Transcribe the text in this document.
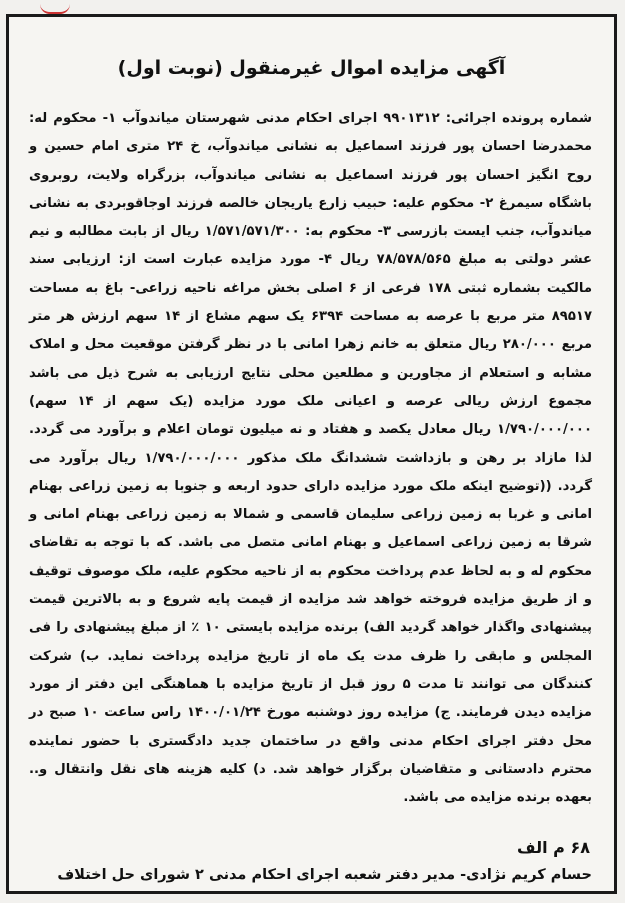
آگهی مزایده اموال غیرمنقول (نوبت اول)
شماره پرونده اجرائی: ۹۹۰۱۳۱۲ اجرای احکام مدنی شهرستان میاندوآب ۱- محکوم له: محمدرضا احسان پور فرزند اسماعیل به نشانی میاندوآب، خ ۲۴ متری امام حسین و روح انگیز احسان پور فرزند اسماعیل به نشانی میاندوآب، بزرگراه ولایت، روبروی باشگاه سیمرغ ۲- محکوم علیه: حبیب زارع یاریجان خالصه فرزند اوجاقوبردی به نشانی میاندوآب، جنب ایست بازرسی ۳- محکوم به: ۱/۵۷۱/۵۷۱/۳۰۰ ریال از بابت مطالبه و نیم عشر دولتی به مبلغ ۷۸/۵۷۸/۵۶۵ ریال ۴- مورد مزایده عبارت است از: ارزیابی سند مالکیت بشماره ثبتی ۱۷۸ فرعی از ۶ اصلی بخش مراغه ناحیه زراعی- باغ به مساحت ۸۹۵۱۷ متر مربع با عرصه به مساحت ۶۳۹۴ یک سهم مشاع از ۱۴ سهم ارزش هر متر مربع ۲۸۰/۰۰۰ ریال متعلق به خانم زهرا امانی با در نظر گرفتن موقعیت محل و املاک مشابه و استعلام از مجاورین و مطلعین محلی نتایج ارزیابی به شرح ذیل می باشد مجموع ارزش ریالی عرصه و اعیانی ملک مورد مزایده (یک سهم از ۱۴ سهم) ۱/۷۹۰/۰۰۰/۰۰۰ ریال معادل یکصد و هفتاد و نه میلیون تومان اعلام و برآورد می گردد. لذا مازاد بر رهن و بازداشت ششدانگ ملک مذکور ۱/۷۹۰/۰۰۰/۰۰۰ ریال برآورد می گردد. ((توضیح اینکه ملک مورد مزایده دارای حدود اربعه و جنوبا به زمین زراعی بهنام امانی و غربا به زمین زراعی سلیمان قاسمی و شمالا به زمین زراعی بهنام امانی و شرقا به زمین زراعی اسماعیل و بهنام امانی متصل می باشد. که با توجه به تقاضای محکوم له و به لحاظ عدم پرداخت محکوم به از ناحیه محکوم علیه، ملک موصوف توقیف و از طریق مزایده فروخته خواهد شد مزایده از قیمت پایه شروع و به بالاترین قیمت پیشنهادی واگذار خواهد گردید الف) برنده مزایده بایستی ۱۰ ٪ از مبلغ پیشنهادی را فی المجلس و مابقی را ظرف مدت یک ماه از تاریخ مزایده پرداخت نماید. ب) شرکت کنندگان می توانند تا مدت ۵ روز قبل از تاریخ مزایده با هماهنگی این دفتر از مورد مزایده دیدن فرمایند. ج) مزایده روز دوشنبه مورخ ۱۴۰۰/۰۱/۲۴ راس ساعت ۱۰ صبح در محل دفتر اجرای احکام مدنی واقع در ساختمان جدید دادگستری با حضور نماینده محترم دادستانی و متقاضیان برگزار خواهد شد. د) کلیه هزینه های نقل وانتقال و.. بعهده برنده مزایده می باشد.
۶۸ م الف
حسام کریم نژادی- مدیر دفتر شعبه اجرای احکام مدنی ۲ شورای حل اختلاف
